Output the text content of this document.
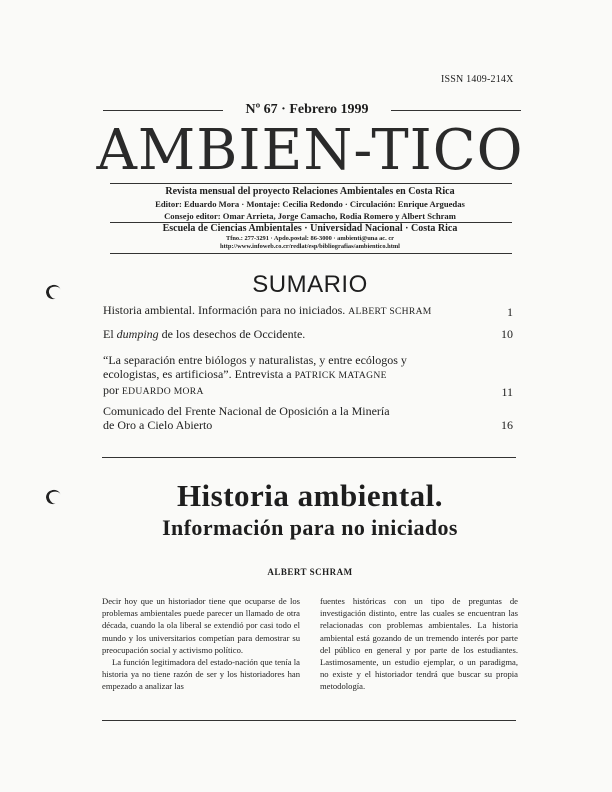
ISSN 1409-214X
Nº 67 · Febrero 1999
AMBIEN-TICO
Revista mensual del proyecto Relaciones Ambientales en Costa Rica
Editor: Eduardo Mora · Montaje: Cecilia Redondo · Circulación: Enrique Arguedas
Consejo editor: Omar Arrieta, Jorge Camacho, Rodia Romero y Albert Schram
Escuela de Ciencias Ambientales · Universidad Nacional · Costa Rica
Tfno.: 277-3291 · Apdo.postal: 86-3000 · ambienti@una ac. cr
http://www.infoweb.co.cr/redlat/esp/bibliografias/ambientico.html
SUMARIO
Historia ambiental. Información para no iniciados. ALBERT SCHRAM	1
El dumping de los desechos de Occidente.	10
“La separación entre biólogos y naturalistas, y entre ecólogos y
ecologistas, es artificiosa”. Entrevista a PATRICK MATAGNE
por EDUARDO MORA	11
Comunicado del Frente Nacional de Oposición a la Minería
de Oro a Cielo Abierto	16
Historia ambiental.
Información para no iniciados
ALBERT SCHRAM

Decir hoy que un historiador tiene que ocuparse de los problemas ambientales puede parecer un llamado de otra década, cuando la ola liberal se extendió por casi todo el mundo y los universitarios competían para demostrar su preocupación social y activismo político.

La función legitimadora del estado-nación que tenía la historia ya no tiene razón de ser y los historiadores han empezado a analizar las

fuentes históricas con un tipo de preguntas de investigación distinto, entre las cuales se encuentran las relacionadas con problemas ambientales. La historia ambiental está gozando de un tremendo interés por parte del público en general y por parte de los estudiantes. Lastimosamente, un estudio ejemplar, o un paradigma, no existe y el historiador tendrá que buscar su propia metodología.
